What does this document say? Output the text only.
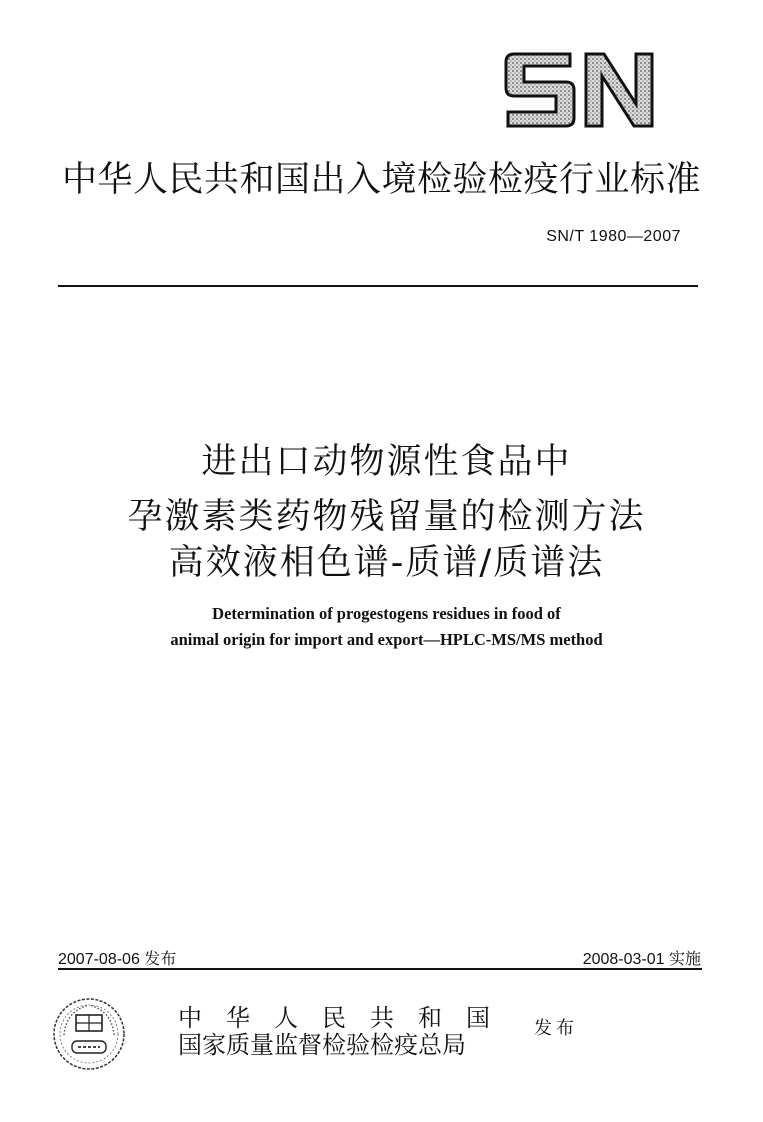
SN
中华人民共和国出入境检验检疫行业标准
SN/T 1980—2007
进出口动物源性食品中
孕激素类药物残留量的检测方法
高效液相色谱-质谱/质谱法
Determination of progestogens residues in food of
animal origin for import and export—HPLC-MS/MS method
2007-08-06 发布	2008-03-01 实施
中华人民共和国
国家质量监督检验检疫总局
发布
